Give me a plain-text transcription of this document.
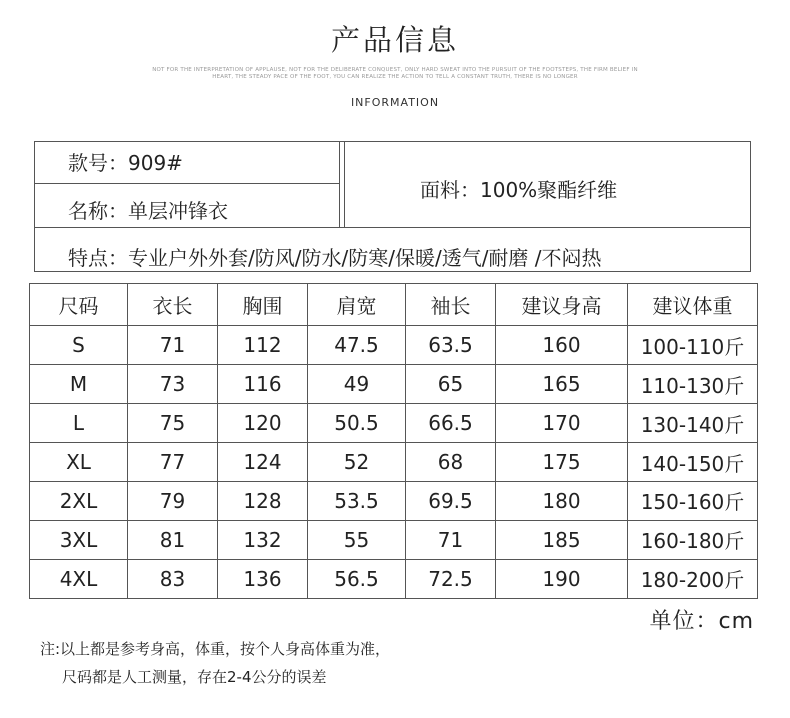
产品信息
NOT FOR THE INTERPRETATION OF APPLAUSE, NOT FOR THE DELIBERATE CONQUEST, ONLY HARD SWEAT INTO THE PURSUIT OF THE FOOTSTEPS, THE FIRM BELIEF IN
HEART, THE STEADY PACE OF THE FOOT, YOU CAN REALIZE THE ACTION TO TELL A CONSTANT TRUTH, THERE IS NO LONGER
INFORMATION
款号：909#
名称：单层冲锋衣
面料：100%聚酯纤维
特点：专业户外外套/防风/防水/防寒/保暖/透气/耐磨 /不闷热
尺码	衣长	胸围	肩宽	袖长	建议身高	建议体重
S	71	112	47.5	63.5	160	100-110斤
M	73	116	49	65	165	110-130斤
L	75	120	50.5	66.5	170	130-140斤
XL	77	124	52	68	175	140-150斤
2XL	79	128	53.5	69.5	180	150-160斤
3XL	81	132	55	71	185	160-180斤
4XL	83	136	56.5	72.5	190	180-200斤
单位：cm
注:以上都是参考身高，体重，按个人身高体重为准，
尺码都是人工测量，存在2-4公分的误差
